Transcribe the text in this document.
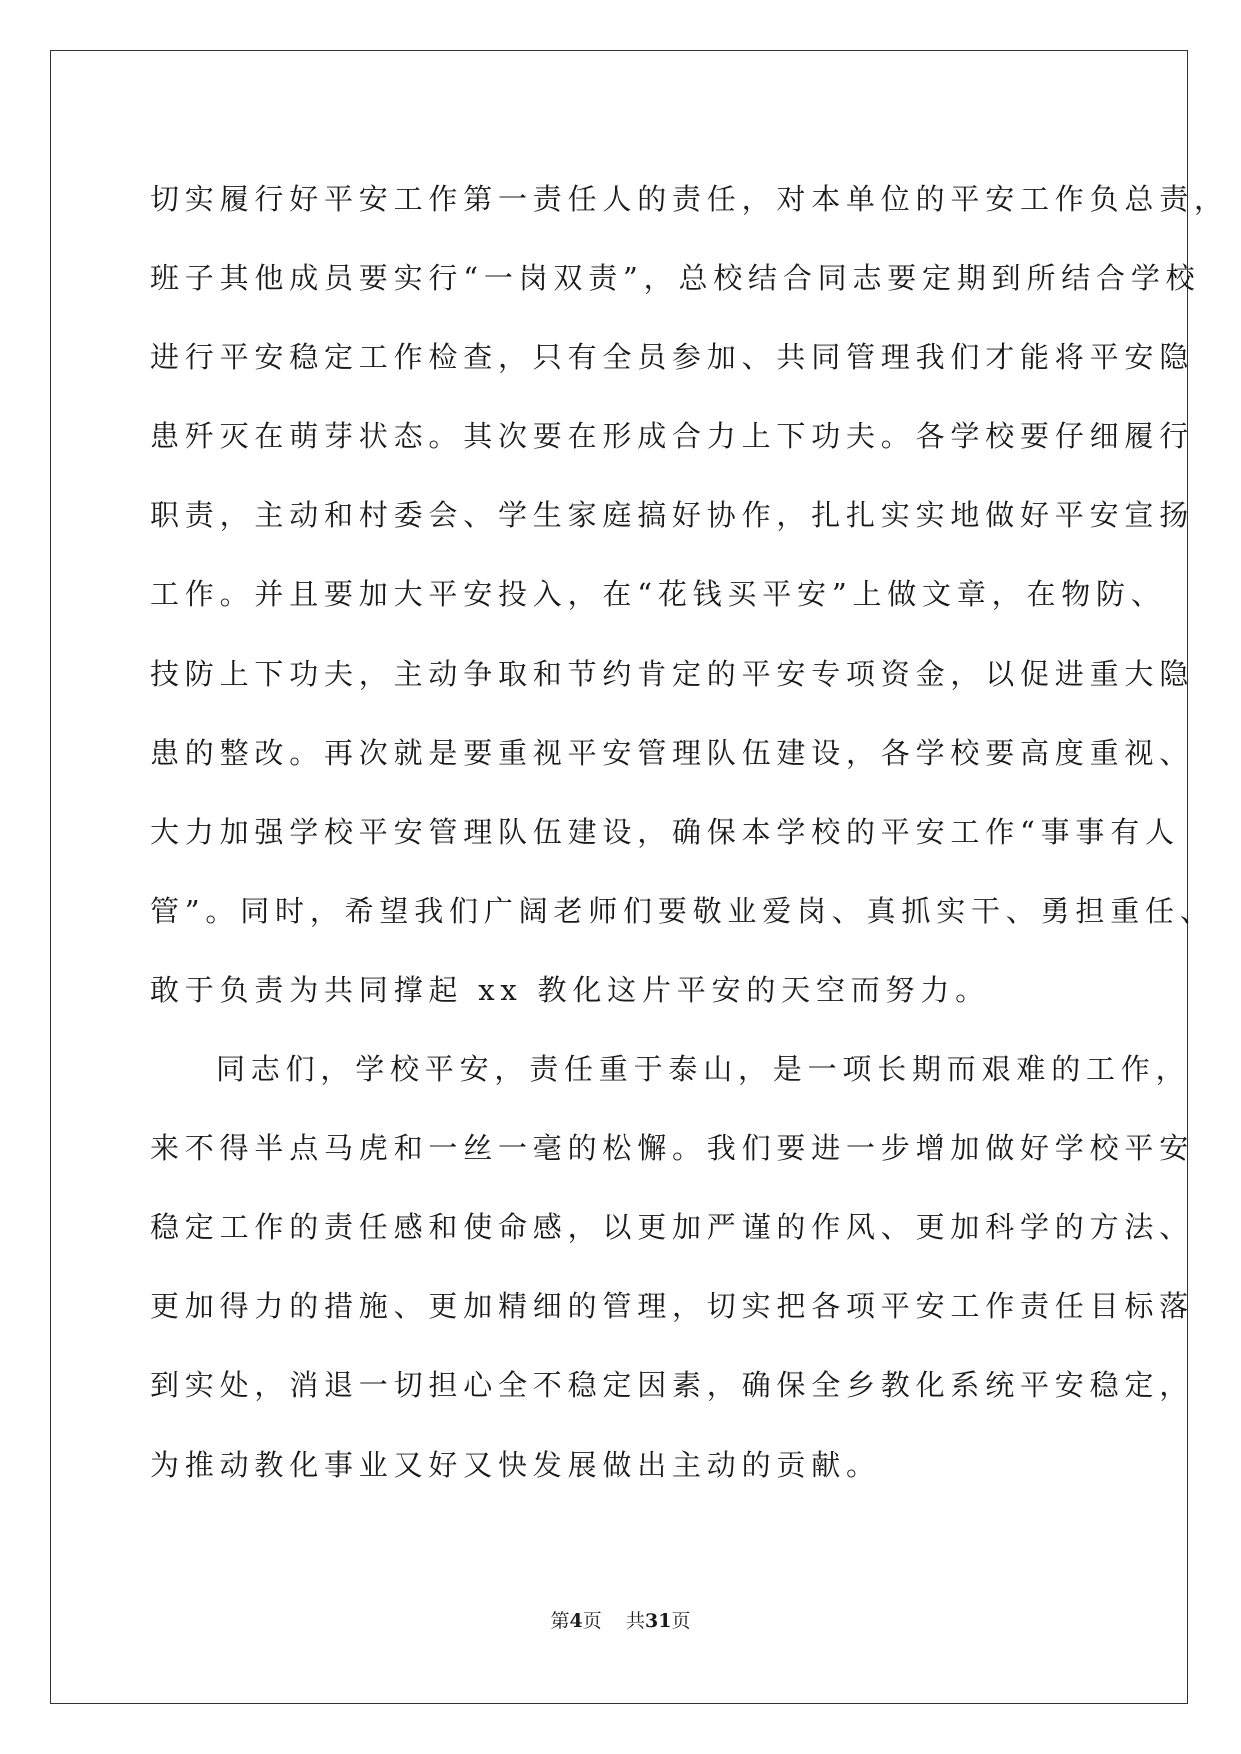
切实履行好平安工作第一责任人的责任，对本单位的平安工作负总责，
班子其他成员要实行“一岗双责”，总校结合同志要定期到所结合学校
进行平安稳定工作检查，只有全员参加、共同管理我们才能将平安隐
患歼灭在萌芽状态。其次要在形成合力上下功夫。各学校要仔细履行
职责，主动和村委会、学生家庭搞好协作，扎扎实实地做好平安宣扬
工作。并且要加大平安投入，在“花钱买平安”上做文章，在物防、
技防上下功夫，主动争取和节约肯定的平安专项资金，以促进重大隐
患的整改。再次就是要重视平安管理队伍建设，各学校要高度重视、
大力加强学校平安管理队伍建设，确保本学校的平安工作“事事有人
管”。同时，希望我们广阔老师们要敬业爱岗、真抓实干、勇担重任、
敢于负责为共同撑起 xx 教化这片平安的天空而努力。
同志们，学校平安，责任重于泰山，是一项长期而艰难的工作，
来不得半点马虎和一丝一毫的松懈。我们要进一步增加做好学校平安
稳定工作的责任感和使命感，以更加严谨的作风、更加科学的方法、
更加得力的措施、更加精细的管理，切实把各项平安工作责任目标落
到实处，消退一切担心全不稳定因素，确保全乡教化系统平安稳定，
为推动教化事业又好又快发展做出主动的贡献。
第4页 共31页
